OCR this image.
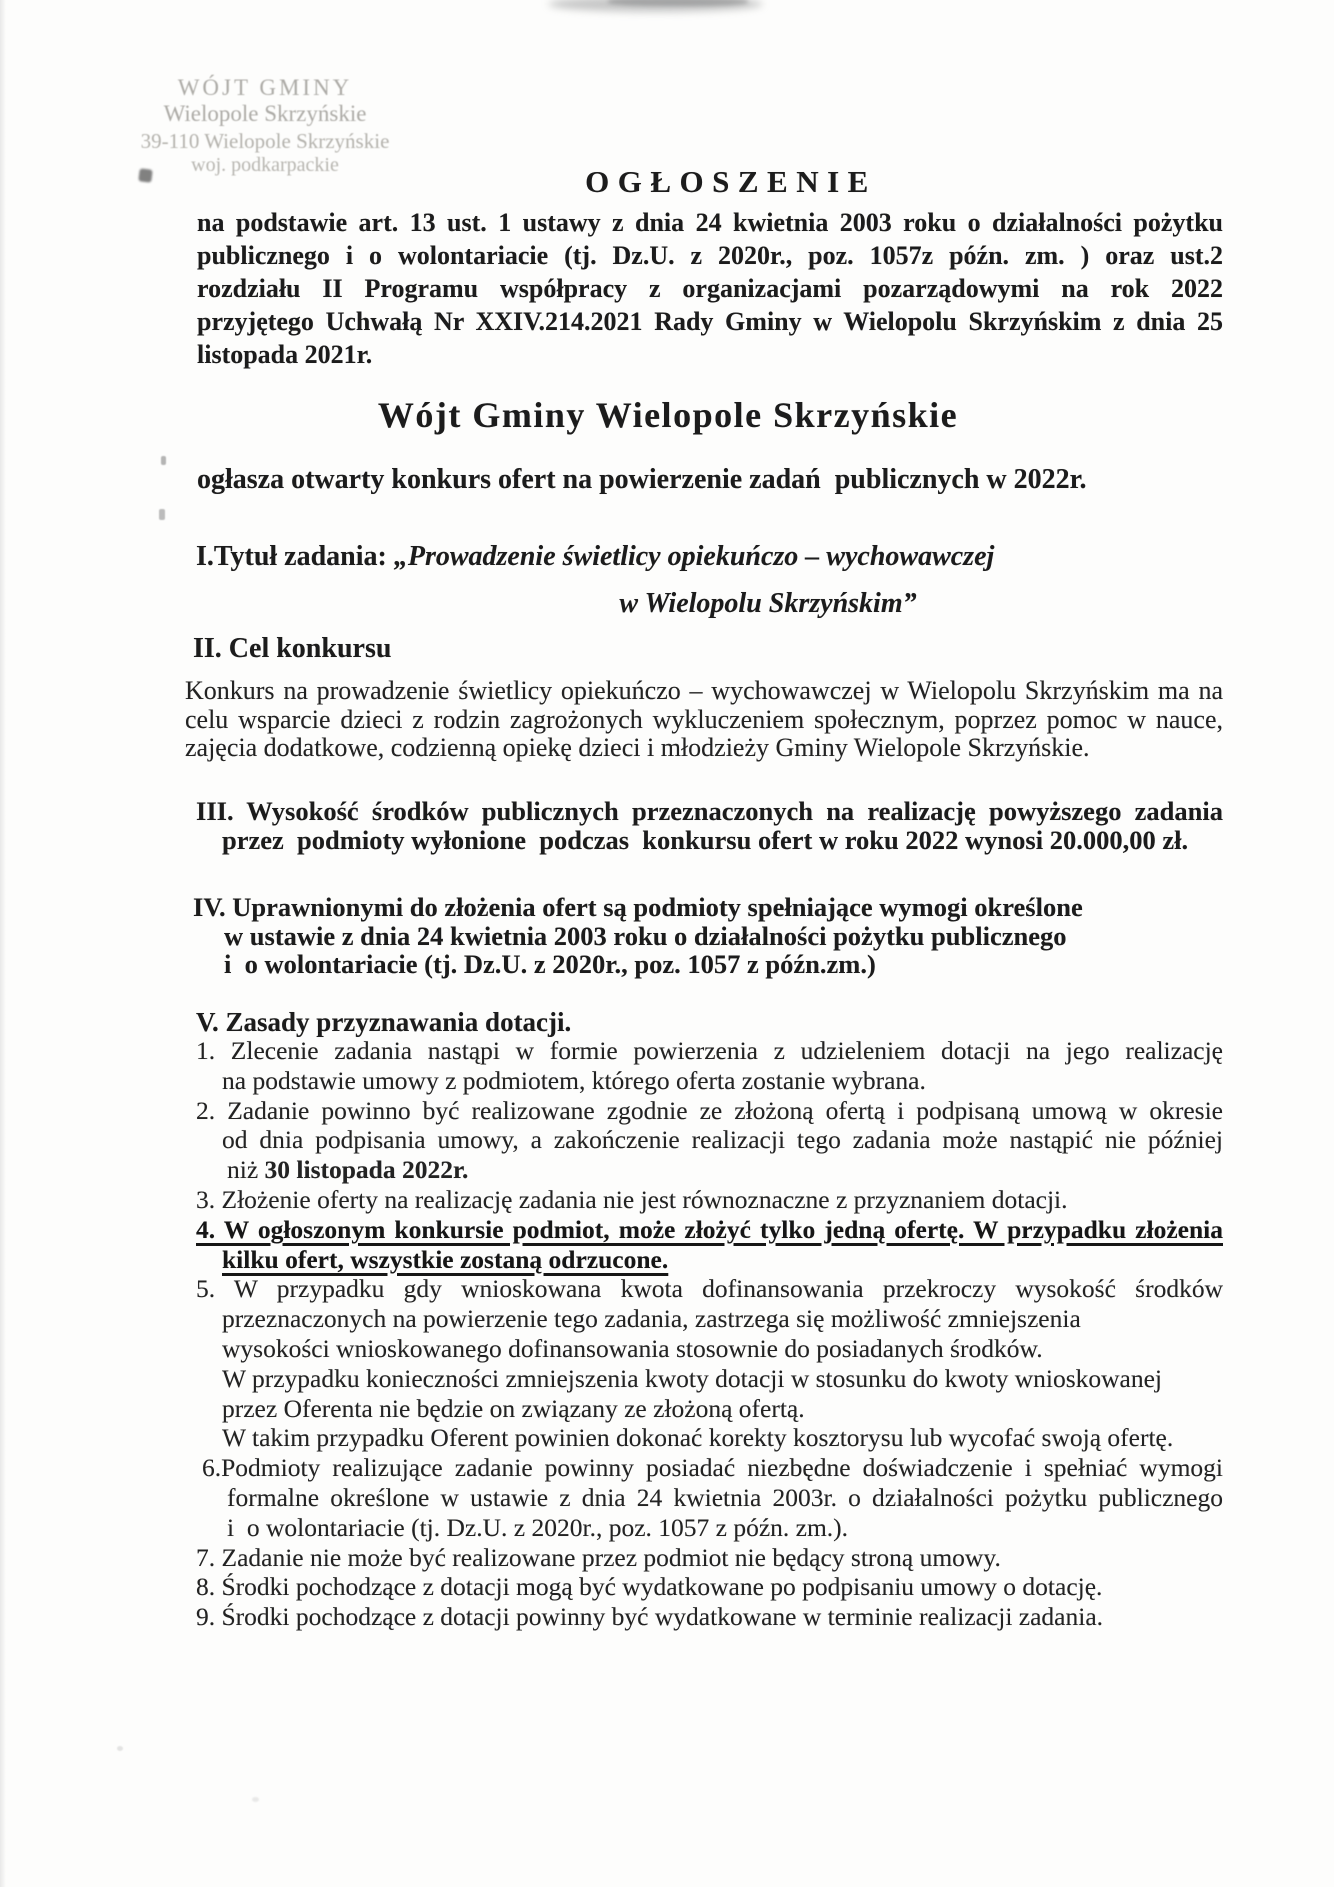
WÓJT GMINY
Wielopole Skrzyńskie
39-110 Wielopole Skrzyńskie
woj. podkarpackie	OGŁOSZENIE
na podstawie art. 13 ust. 1 ustawy z dnia 24 kwietnia 2003 roku o działalności pożytku
publicznego i o wolontariacie (tj. Dz.U. z 2020r., poz. 1057z późn. zm. ) oraz ust.2
rozdziału II Programu współpracy z organizacjami pozarządowymi na rok 2022
przyjętego Uchwałą Nr XXIV.214.2021 Rady Gminy w Wielopolu Skrzyńskim z dnia 25
listopada 2021r.
Wójt Gminy Wielopole Skrzyńskie
ogłasza otwarty konkurs ofert na powierzenie zadań  publicznych w 2022r.
I.Tytuł zadania: „Prowadzenie świetlicy opiekuńczo – wychowawczej
w Wielopolu Skrzyńskim”
II. Cel konkursu
Konkurs na prowadzenie świetlicy opiekuńczo – wychowawczej w Wielopolu Skrzyńskim ma na
celu wsparcie dzieci z rodzin zagrożonych wykluczeniem społecznym, poprzez pomoc w nauce,
zajęcia dodatkowe, codzienną opiekę dzieci i młodzieży Gminy Wielopole Skrzyńskie.
III. Wysokość środków publicznych przeznaczonych na realizację powyższego zadania
przez  podmioty wyłonione  podczas  konkursu ofert w roku 2022 wynosi 20.000,00 zł.
IV. Uprawnionymi do złożenia ofert są podmioty spełniające wymogi określone
w ustawie z dnia 24 kwietnia 2003 roku o działalności pożytku publicznego
i  o wolontariacie (tj. Dz.U. z 2020r., poz. 1057 z późn.zm.)
V. Zasady przyznawania dotacji.
1. Zlecenie zadania nastąpi w formie powierzenia z udzieleniem dotacji na jego realizację
na podstawie umowy z podmiotem, którego oferta zostanie wybrana.
2. Zadanie powinno być realizowane zgodnie ze złożoną ofertą i podpisaną umową w okresie
od dnia podpisania umowy, a zakończenie realizacji tego zadania może nastąpić nie później
niż 30 listopada 2022r.
3. Złożenie oferty na realizację zadania nie jest równoznaczne z przyznaniem dotacji.
4. W ogłoszonym konkursie podmiot, może złożyć tylko jedną ofertę. W przypadku złożenia
kilku ofert, wszystkie zostaną odrzucone.
5. W przypadku gdy wnioskowana kwota dofinansowania przekroczy wysokość środków
przeznaczonych na powierzenie tego zadania, zastrzega się możliwość zmniejszenia
wysokości wnioskowanego dofinansowania stosownie do posiadanych środków.
W przypadku konieczności zmniejszenia kwoty dotacji w stosunku do kwoty wnioskowanej
przez Oferenta nie będzie on związany ze złożoną ofertą.
W takim przypadku Oferent powinien dokonać korekty kosztorysu lub wycofać swoją ofertę.
6.Podmioty realizujące zadanie powinny posiadać niezbędne doświadczenie i spełniać wymogi
formalne określone w ustawie z dnia 24 kwietnia 2003r. o działalności pożytku publicznego
i  o wolontariacie (tj. Dz.U. z 2020r., poz. 1057 z późn. zm.).
7. Zadanie nie może być realizowane przez podmiot nie będący stroną umowy.
8. Środki pochodzące z dotacji mogą być wydatkowane po podpisaniu umowy o dotację.
9. Środki pochodzące z dotacji powinny być wydatkowane w terminie realizacji zadania.
